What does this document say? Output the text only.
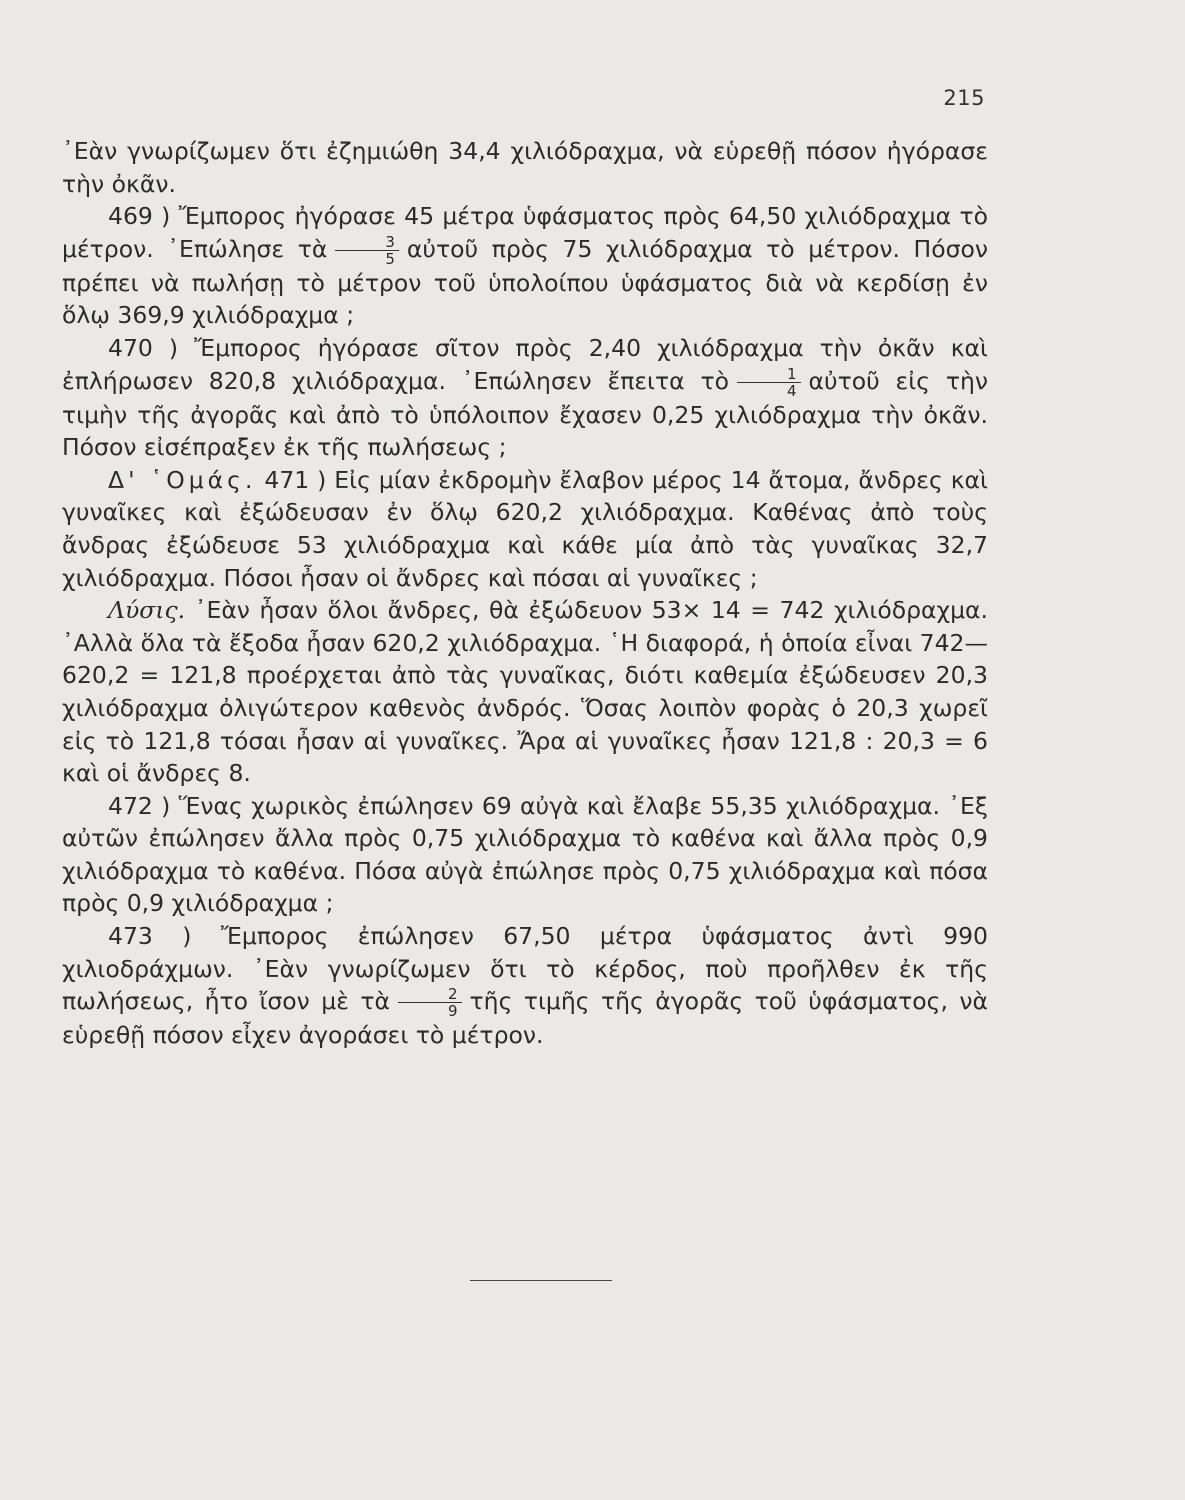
215

᾿Εὰν γνωρίζωμεν ὅτι ἐζημιώθη 34,4 χιλιόδραχμα, νὰ εὑρεθῇ πόσον ἠγόρασε τὴν ὀκᾶν.

469 ) Ἔμπορος ἠγόρασε 45 μέτρα ὑφάσματος πρὸς 64,50 χιλιόδραχμα τὸ μέτρον. ᾿Επώλησε τὰ $\frac{3}{5}$ αὐτοῦ πρὸς 75 χιλιόδραχμα τὸ μέτρον. Πόσον πρέπει νὰ πωλήσῃ τὸ μέτρον τοῦ ὑπολοίπου ὑφάσματος διὰ νὰ κερδίσῃ ἐν ὅλῳ 369,9 χιλιόδραχμα ;

470 ) Ἔμπορος ἠγόρασε σῖτον πρὸς 2,40 χιλιόδραχμα τὴν ὀκᾶν καὶ ἐπλήρωσεν 820,8 χιλιόδραχμα. ᾿Επώλησεν ἔπειτα τὸ $\frac{1}{4}$ αὐτοῦ εἰς τὴν τιμὴν τῆς ἀγορᾶς καὶ ἀπὸ τὸ ὑπόλοιπον ἔχασεν 0,25 χιλιόδραχμα τὴν ὀκᾶν. Πόσον εἰσέπραξεν ἐκ τῆς πωλήσεως ;

Δ' ῾Ομάς. 471 ) Εἰς μίαν ἐκδρομὴν ἔλαβον μέρος 14 ἄτομα, ἄνδρες καὶ γυναῖκες καὶ ἐξώδευσαν ἐν ὅλῳ 620,2 χιλιόδραχμα. Καθένας ἀπὸ τοὺς ἄνδρας ἐξώδευσε 53 χιλιόδραχμα καὶ κάθε μία ἀπὸ τὰς γυναῖκας 32,7 χιλιόδραχμα. Πόσοι ἦσαν οἱ ἄνδρες καὶ πόσαι αἱ γυναῖκες ;

Λύσις. ᾿Εὰν ἦσαν ὅλοι ἄνδρες, θὰ ἐξώδευον 53× 14 = 742 χιλιόδραχμα. ᾿Αλλὰ ὅλα τὰ ἔξοδα ἦσαν 620,2 χιλιόδραχμα. ῾Η διαφορά, ἡ ὁποία εἶναι 742—620,2 = 121,8 προέρχεται ἀπὸ τὰς γυναῖκας, διότι καθεμία ἐξώδευσεν 20,3 χιλιόδραχμα ὀλιγώτερον καθενὸς ἀνδρός. Ὅσας λοιπὸν φορὰς ὁ 20,3 χωρεῖ εἰς τὸ 121,8 τόσαι ἦσαν αἱ γυναῖκες. Ἄρα αἱ γυναῖκες ἦσαν 121,8 : 20,3 = 6 καὶ οἱ ἄνδρες 8.

472 ) Ἕνας χωρικὸς ἐπώλησεν 69 αὐγὰ καὶ ἔλαβε 55,35 χιλιόδραχμα. ᾿Εξ αὐτῶν ἐπώλησεν ἄλλα πρὸς 0,75 χιλιόδραχμα τὸ καθένα καὶ ἄλλα πρὸς 0,9 χιλιόδραχμα τὸ καθένα. Πόσα αὐγὰ ἐπώλησε πρὸς 0,75 χιλιόδραχμα καὶ πόσα πρὸς 0,9 χιλιόδραχμα ;

473 ) Ἔμπορος ἐπώλησεν 67,50 μέτρα ὑφάσματος ἀντὶ 990 χιλιοδράχμων. ᾿Εὰν γνωρίζωμεν ὅτι τὸ κέρδος, ποὺ προῆλθεν ἐκ τῆς πωλήσεως, ἦτο ἴσον μὲ τὰ $\frac{2}{9}$ τῆς τιμῆς τῆς ἀγορᾶς τοῦ ὑφάσματος, νὰ εὑρεθῇ πόσον εἶχεν ἀγοράσει τὸ μέτρον.
